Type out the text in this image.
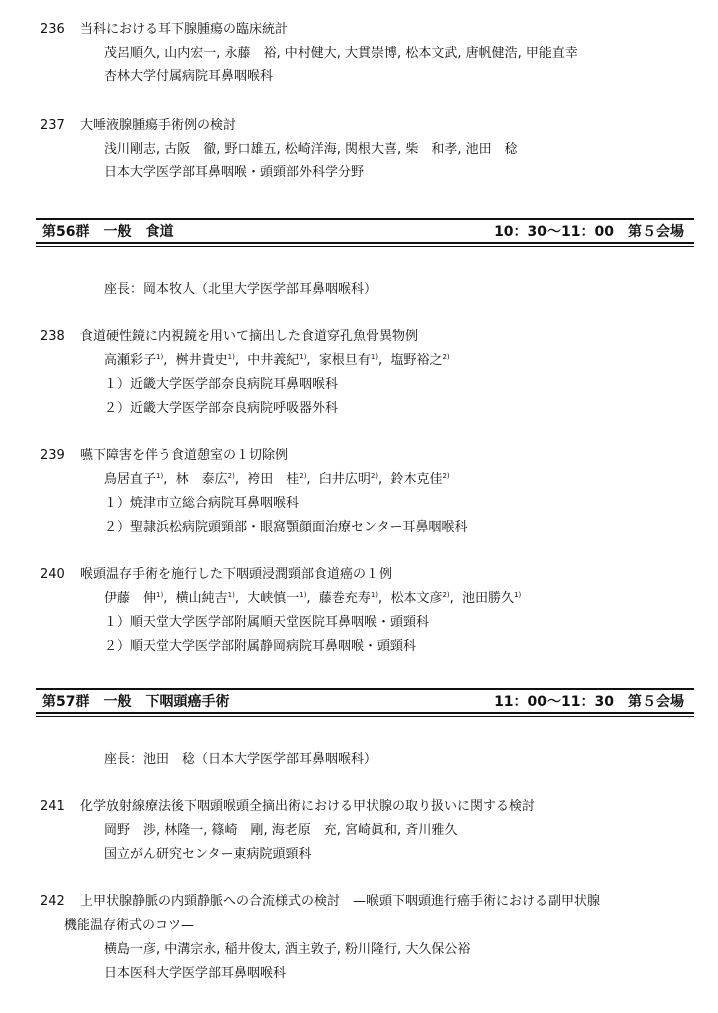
236 当科における耳下腺腫瘍の臨床統計
茂呂順久, 山内宏一, 永藤　裕, 中村健大, 大貫崇博, 松本文武, 唐帆健浩, 甲能直幸
杏林大学付属病院耳鼻咽喉科
237 大唾液腺腫瘍手術例の検討
浅川剛志, 古阪　徹, 野口雄五, 松崎洋海, 関根大喜, 柴　和孝, 池田　稔
日本大学医学部耳鼻咽喉・頭頸部外科学分野
第56群　一般　食道	10：30〜11：00　第５会場
座長：岡本牧人（北里大学医学部耳鼻咽喉科）
238 食道硬性鏡に内視鏡を用いて摘出した食道穿孔魚骨異物例
高瀬彩子$^{1)}$,  桝井貴史$^{1)}$,  中井義紀$^{1)}$,  家根旦有$^{1)}$,  塩野裕之$^{2)}$
１）近畿大学医学部奈良病院耳鼻咽喉科
２）近畿大学医学部奈良病院呼吸器外科
239 嚥下障害を伴う食道憩室の１切除例
鳥居直子$^{1)}$,  林　泰広$^{2)}$,  袴田　桂$^{2)}$,  臼井広明$^{2)}$,  鈴木克佳$^{2)}$
１）焼津市立総合病院耳鼻咽喉科
２）聖隷浜松病院頭頸部・眼窩顎顔面治療センター耳鼻咽喉科
240 喉頭温存手術を施行した下咽頭浸潤頸部食道癌の１例
伊藤　伸$^{1)}$,  横山純吉$^{1)}$,  大峡慎一$^{1)}$,  藤巻充寿$^{1)}$,  松本文彦$^{2)}$,  池田勝久$^{1)}$
１）順天堂大学医学部附属順天堂医院耳鼻咽喉・頭頸科
２）順天堂大学医学部附属静岡病院耳鼻咽喉・頭頸科
第57群　一般　下咽頭癌手術	11：00〜11：30　第５会場
座長：池田　稔（日本大学医学部耳鼻咽喉科）
241 化学放射線療法後下咽頭喉頭全摘出術における甲状腺の取り扱いに関する検討
岡野　渉, 林隆一, 篠崎　剛, 海老原　充, 宮崎眞和, 斉川雅久
国立がん研究センター東病院頭頸科
242 上甲状腺静脈の内頸静脈への合流様式の検討　—喉頭下咽頭進行癌手術における副甲状腺
機能温存術式のコツ—
横島一彦, 中溝宗永, 稲井俊太, 酒主敦子, 粉川隆行, 大久保公裕
日本医科大学医学部耳鼻咽喉科
